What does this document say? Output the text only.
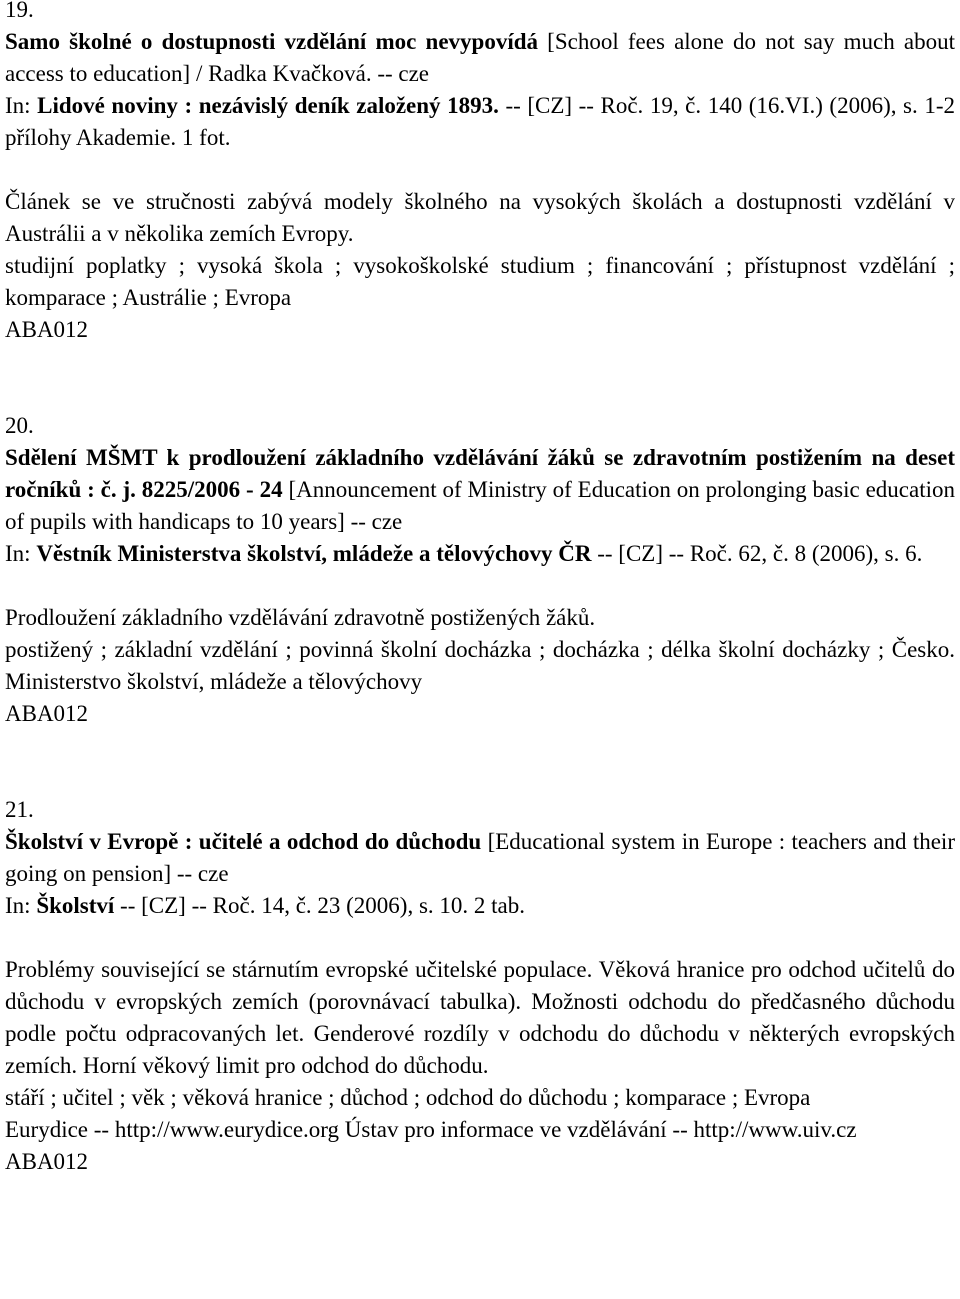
19.

Samo školné o dostupnosti vzdělání moc nevypovídá [School fees alone do not say much about access to education] / Radka Kvačková. -- cze

In: Lidové noviny : nezávislý deník založený 1893. -- [CZ] -- Roč. 19, č. 140 (16.VI.) (2006), s. 1-2 přílohy Akademie. 1 fot.

Článek se ve stručnosti zabývá modely školného na vysokých školách a dostupnosti vzdělání v Austrálii a v několika zemích Evropy.

studijní poplatky ; vysoká škola ; vysokoškolské studium ; financování ; přístupnost vzdělání ; komparace ; Austrálie ; Evropa

ABA012

20.

Sdělení MŠMT k prodloužení základního vzdělávání žáků se zdravotním postižením na deset ročníků : č. j. 8225/2006 - 24 [Announcement of Ministry of Education on prolonging basic education of pupils with handicaps to 10 years] -- cze

In: Věstník Ministerstva školství, mládeže a tělovýchovy ČR -- [CZ] -- Roč. 62, č. 8 (2006), s. 6.

Prodloužení základního vzdělávání zdravotně postižených žáků.

postižený ; základní vzdělání ; povinná školní docházka ; docházka ; délka školní docházky ; Česko. Ministerstvo školství, mládeže a tělovýchovy

ABA012

21.

Školství v Evropě : učitelé a odchod do důchodu [Educational system in Europe : teachers and their going on pension] -- cze

In: Školství -- [CZ] -- Roč. 14, č. 23 (2006), s. 10. 2 tab.

Problémy související se stárnutím evropské učitelské populace. Věková hranice pro odchod učitelů do důchodu v evropských zemích (porovnávací tabulka). Možnosti odchodu do předčasného důchodu podle počtu odpracovaných let. Genderové rozdíly v odchodu do důchodu v některých evropských zemích. Horní věkový limit pro odchod do důchodu.

stáří ; učitel ; věk ; věková hranice ; důchod ; odchod do důchodu ; komparace ; Evropa

Eurydice -- http://www.eurydice.org Ústav pro informace ve vzdělávání -- http://www.uiv.cz

ABA012
